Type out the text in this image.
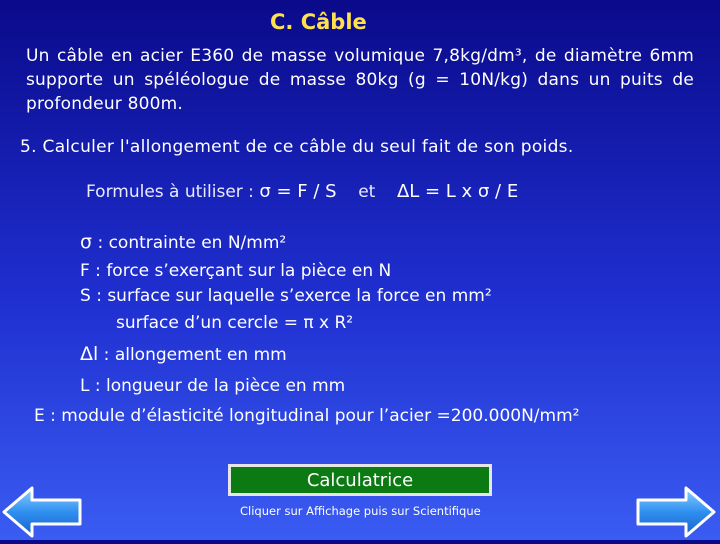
C. Câble
Un câble en acier E360 de masse volumique 7,8kg/dm³, de diamètre 6mm supporte un spéléologue de masse 80kg (g = 10N/kg) dans un puits de profondeur 800m.
5. Calculer l'allongement de ce câble du seul fait de son poids.
Formules à utiliser : σ = F / S et ΔL = L x σ / E
σ : contrainte en N/mm²
F : force s’exerçant sur la pièce en N
S : surface sur laquelle s’exerce la force en mm²
surface d’un cercle = π x R²
Δl : allongement en mm
L : longueur de la pièce en mm
E : module d’élasticité longitudinal pour l’acier =200.000N/mm²
Calculatrice
Cliquer sur Affichage puis sur Scientifique
